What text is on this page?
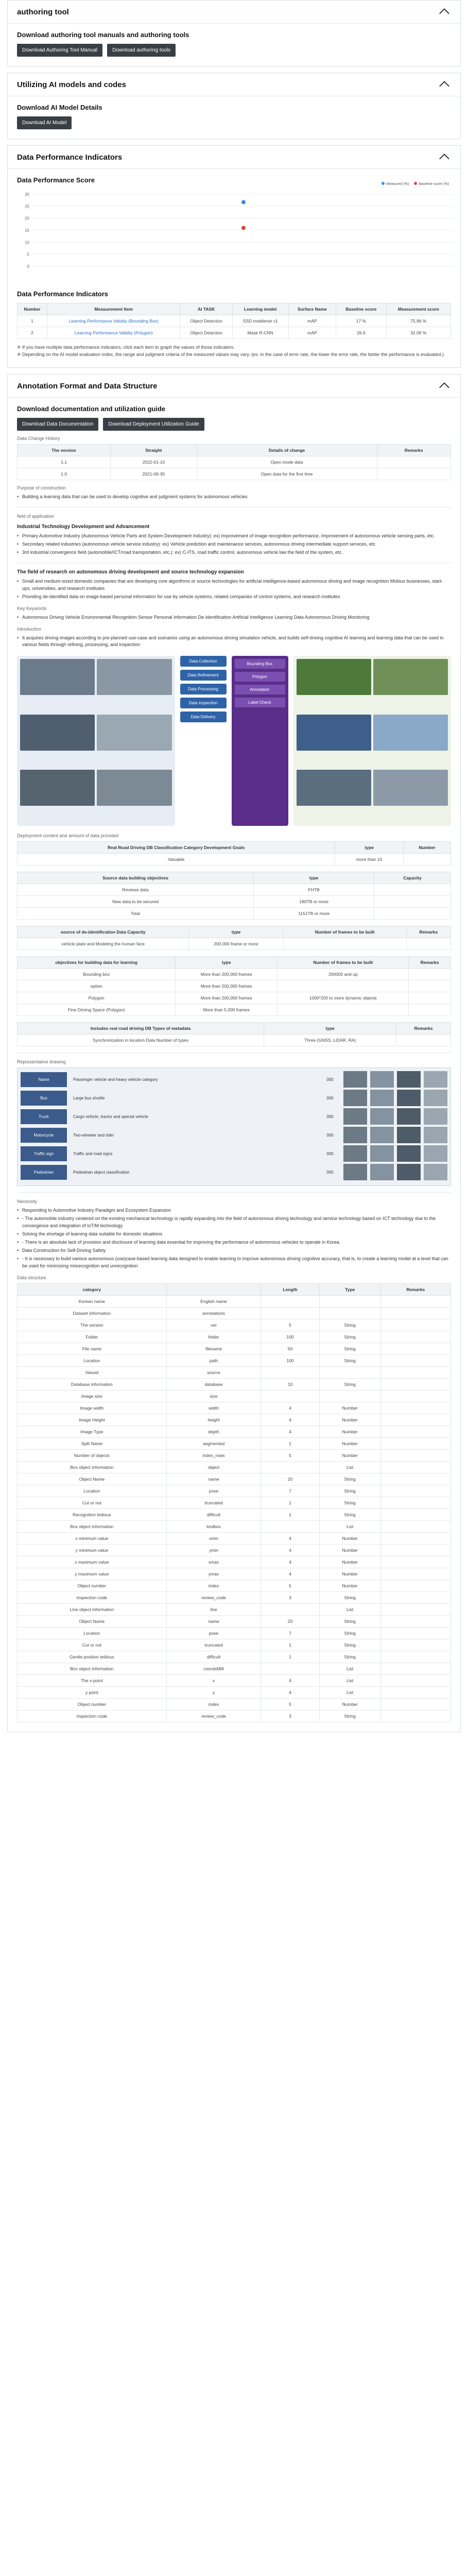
authoring tool
Download authoring tool manuals and authoring tools
Download Authoring Tool Manual	Download authoring tools
Utilizing AI models and codes
Download AI Model Details
Download AI Model
Data Performance Indicators
Data Performance Score
Measured (%)	Baseline score (%)
30
25
20
15
10
5
0
Data Performance Indicators
Number	Measurement Item	AI TASK	Learning model	Surface Name	Baseline score	Measurement score
1	Learning Performance Validity (Bounding Box)	Object Detection	SSD mobilenet v1	mAP	17 %	75.96 %
2	Learning Performance Validity (Polygon)	Object Detection	Mask R-CNN	mAP	26.6	32.09 %
※ If you have multiple data performance indicators, click each item to graph the values of those indicators.
※ Depending on the AI model evaluation index, the range and judgment criteria of the measured values may vary. (ex. in the case of error rate, the lower the error rate, the better the performance is evaluated.)
Annotation Format and Data Structure
Download documentation and utilization guide
Download Data Documentation	Download Deployment Utilization Guide
Data Change History
The version	Straight	Details of change	Remarks
1.1	2022-01-10	Open mode data	
1.0	2021-06-30	Open data for the first time	
Purpose of construction
• Building a learning data that can be used to develop cognitive and judgment systems for autonomous vehicles
field of application
Industrial Technology Development and Advancement
• Primary Automotive Industry (Autonomous Vehicle Parts and System Development Industry): ex) Improvement of image recognition performance, Improvement of autonomous vehicle sensing parts, etc.
• Secondary related industries (autonomous vehicle service industry): ex) Vehicle prediction and maintenance services, autonomous driving intermediate support services, etc.
• 3rd industrial convergence field (automobile/ICT/road transportation, etc.): ex) C-ITS, road traffic control, autonomous vehicle law the field of the system, etc.
The field of research on autonomous driving development and source technology expansion
• Small and medium-sized domestic companies that are developing core algorithms or source technologies for artificial intelligence-based autonomous driving and image recognition Mobius businesses, start-ups, universities, and research institutes
• Providing de-identified data on image-based personal information for use by vehicle systems, related companies of control systems, and research institutes
Key Keywords
• Autonomous Driving Vehicle Environmental Recognition Sensor Personal Information De-identification Artificial Intelligence Learning Data Autonomous Driving Monitoring
Introduction
• It acquires driving images according to pre-planned use-case and scenarios using an autonomous driving simulation vehicle, and builds self-driving cognitive AI learning and learning data that can be used in various fields through refining, processing, and inspection
Data Collection
Data Refinement
Data Processing
Data Inspection
Data Delivery
Bounding Box
Polygon
Annotation
Label Check
Deployment content and amount of data provided
Real Road Driving DB Classification Category Development Goals	type	Number
Valuable	more than 10	
Source data building objectives	type	Capacity
Reviews data	FHTB	
New data to be secured	180TB or more	
Total	1151TB or more	
source of de-identification Data Capacity	type	Number of frames to be built	Remarks
vehicle plate and Modeling the human face	200,000 frame or more		
objectives for building data for learning	type	Number of frames to be built	Remarks
Bounding box	More than 200,000 frames	200000 and up	
option	More than 200,000 frames		
Polygon	More than 200,000 frames	1000*200 to more dynamic objects	
Fine Driving Space (Polygon)	More than 5,000 frames		
Includes real road driving DB Types of metadata	type	Remarks
Synchronization in location Data Number of types	Three (GNSS, LiDAR, RA)	
Representative drawing
Name	Passenger vehicle and heavy vehicle category	000
Bus	Large bus shuttle	000
Truck	Cargo vehicle, tractor and special vehicle	000
Motorcycle	Two-wheeler and rider	000
Traffic sign	Traffic and road signs	000
Pedestrian	Pedestrian object classification	000
Necessity
• Responding to Automotive Industry Paradigm and Ecosystem Expansion
• - The automobile industry centered on the existing mechanical technology is rapidly expanding into the field of autonomous driving technology and service technology based on ICT technology due to the convergence and integration of IoT/M technology
• Solving the shortage of learning data suitable for domestic situations
• - There is an absolute lack of provision and disclosure of learning data essential for improving the performance of autonomous vehicles to operate in Korea.
• Data Construction for Self-Driving Safety
• - It is necessary to build various autonomous (use)case-based learning data designed to enable learning to improve autonomous driving cognitive accuracy, that is, to create a learning model at a level that can be used for minimizing misrecognition and unrecognition
Data structure
category		Length	Type	Remarks
Korean name	English name			
Dataset information	annotations			
The version	ver	5	String	
Folder	folder	100	String	
File name	filename	50	String	
Location	path	100	String	
Valued	source			
Database information	database	10	String	
Image size	size			
Image width	width	4	Number	
Image Height	height	4	Number	
Image Type	depth	4	Number	
Split Name	segmented	1	Number	
Number of objects	index_rows	5	Number	
Box object information	object		List	
Object Name	name	20	String	
Location	pose	7	String	
Cut or not	truncated	1	String	
Recognition tedious	difficult	1	String	
Box object information	bndbox		List	
x minimum value	xmin	4	Number	
y minimum value	ymin	4	Number	
x maximum value	xmax	4	Number	
y maximum value	ymax	4	Number	
Object number	index	5	Number	
Inspection code	review_code	3	String	
Line object information	line		List	
Object Name	name	20	String	
Location	pose	7	String	
Cut or not	truncated	1	String	
Gentle position tedious	difficult	1	String	
Box object information	coordsMM		List	
The x-point	x	4	List	
y point	y	4	List	
Object number	index	5	Number	
Inspection code	review_code	3	String	
